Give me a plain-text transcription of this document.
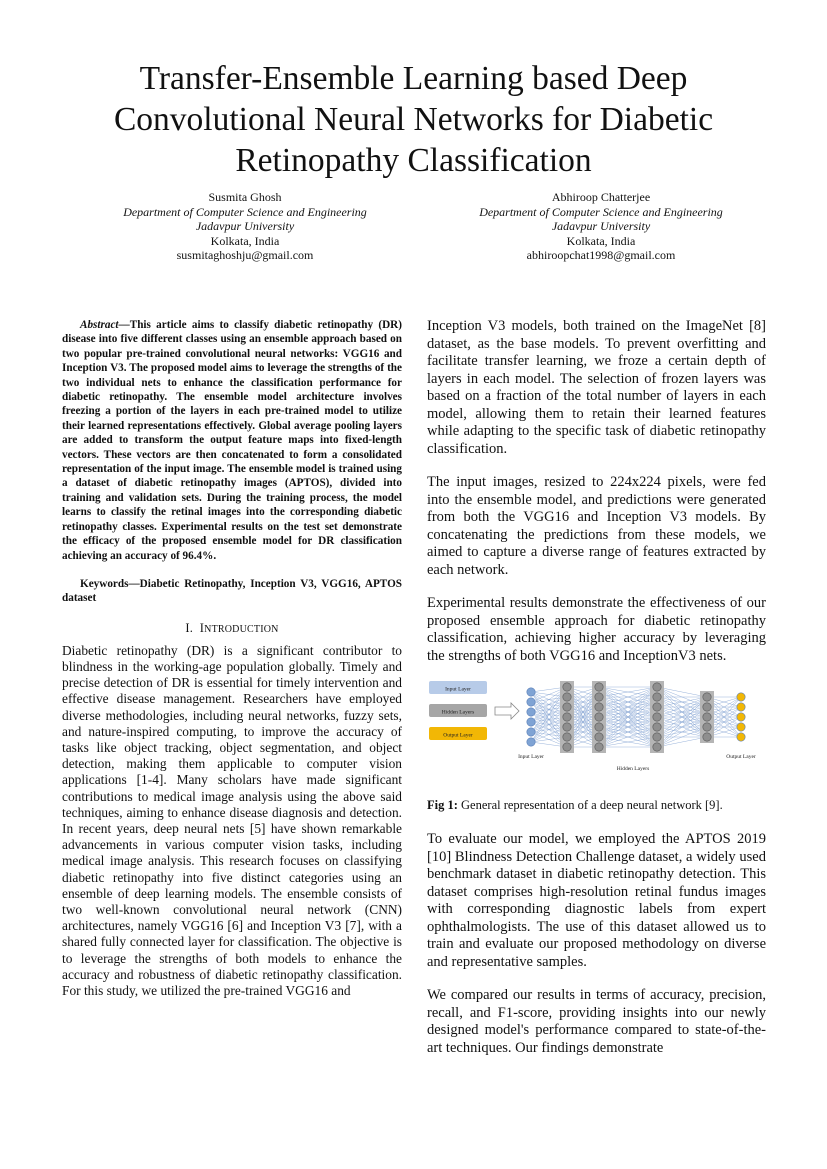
Transfer-Ensemble Learning based Deep Convolutional Neural Networks for Diabetic Retinopathy Classification
Susmita Ghosh
Department of Computer Science and Engineering
Jadavpur University
Kolkata, India
susmitaghoshju@gmail.com
Abhiroop Chatterjee
Department of Computer Science and Engineering
Jadavpur University
Kolkata, India
abhiroopchat1998@gmail.com

Abstract—This article aims to classify diabetic retinopathy (DR) disease into five different classes using an ensemble approach based on two popular pre-trained convolutional neural networks: VGG16 and Inception V3. The proposed model aims to leverage the strengths of the two individual nets to enhance the classification performance for diabetic retinopathy. The ensemble model architecture involves freezing a portion of the layers in each pre-trained model to utilize their learned representations effectively. Global average pooling layers are added to transform the output feature maps into fixed-length vectors. These vectors are then concatenated to form a consolidated representation of the input image. The ensemble model is trained using a dataset of diabetic retinopathy images (APTOS), divided into training and validation sets. During the training process, the model learns to classify the retinal images into the corresponding diabetic retinopathy classes. Experimental results on the test set demonstrate the efficacy of the proposed ensemble model for DR classification achieving an accuracy of 96.4%.

Keywords—Diabetic Retinopathy, Inception V3, VGG16, APTOS dataset

I. INTRODUCTION

Diabetic retinopathy (DR) is a significant contributor to blindness in the working-age population globally. Timely and precise detection of DR is essential for timely intervention and effective disease management. Researchers have employed diverse methodologies, including neural networks, fuzzy sets, and nature-inspired computing, to improve the accuracy of tasks like object tracking, object segmentation, and object detection, making them applicable to computer vision applications [1-4]. Many scholars have made significant contributions to medical image analysis using the above said techniques, aiming to enhance disease diagnosis and detection. In recent years, deep neural nets [5] have shown remarkable advancements in various computer vision tasks, including medical image analysis. This research focuses on classifying diabetic retinopathy into five distinct categories using an ensemble of deep learning models. The ensemble consists of two well-known convolutional neural network (CNN) architectures, namely VGG16 [6] and Inception V3 [7], with a shared fully connected layer for classification. The objective is to leverage the strengths of both models to enhance the accuracy and robustness of diabetic retinopathy classification. For this study, we utilized the pre-trained VGG16 and

Inception V3 models, both trained on the ImageNet [8] dataset, as the base models. To prevent overfitting and facilitate transfer learning, we froze a certain depth of layers in each model. The selection of frozen layers was based on a fraction of the total number of layers in each model, allowing them to retain their learned features while adapting to the specific task of diabetic retinopathy classification.

The input images, resized to 224x224 pixels, were fed into the ensemble model, and predictions were generated from both the VGG16 and Inception V3 models. By concatenating the predictions from these models, we aimed to capture a diverse range of features extracted by each network.

Experimental results demonstrate the effectiveness of our proposed ensemble approach for diabetic retinopathy classification, achieving higher accuracy by leveraging the strengths of both VGG16 and InceptionV3 nets.

Input Layer
Hidden Layers
Output Layer
Input Layer
Hidden Layers
Output Layer
Fig 1: General representation of a deep neural network [9].

To evaluate our model, we employed the APTOS 2019 [10] Blindness Detection Challenge dataset, a widely used benchmark dataset in diabetic retinopathy detection. This dataset comprises high-resolution retinal fundus images with corresponding diagnostic labels from expert ophthalmologists. The use of this dataset allowed us to train and evaluate our proposed methodology on diverse and representative samples.

We compared our results in terms of accuracy, precision, recall, and F1-score, providing insights into our newly designed model's performance compared to state-of-the-art techniques. Our findings demonstrate
